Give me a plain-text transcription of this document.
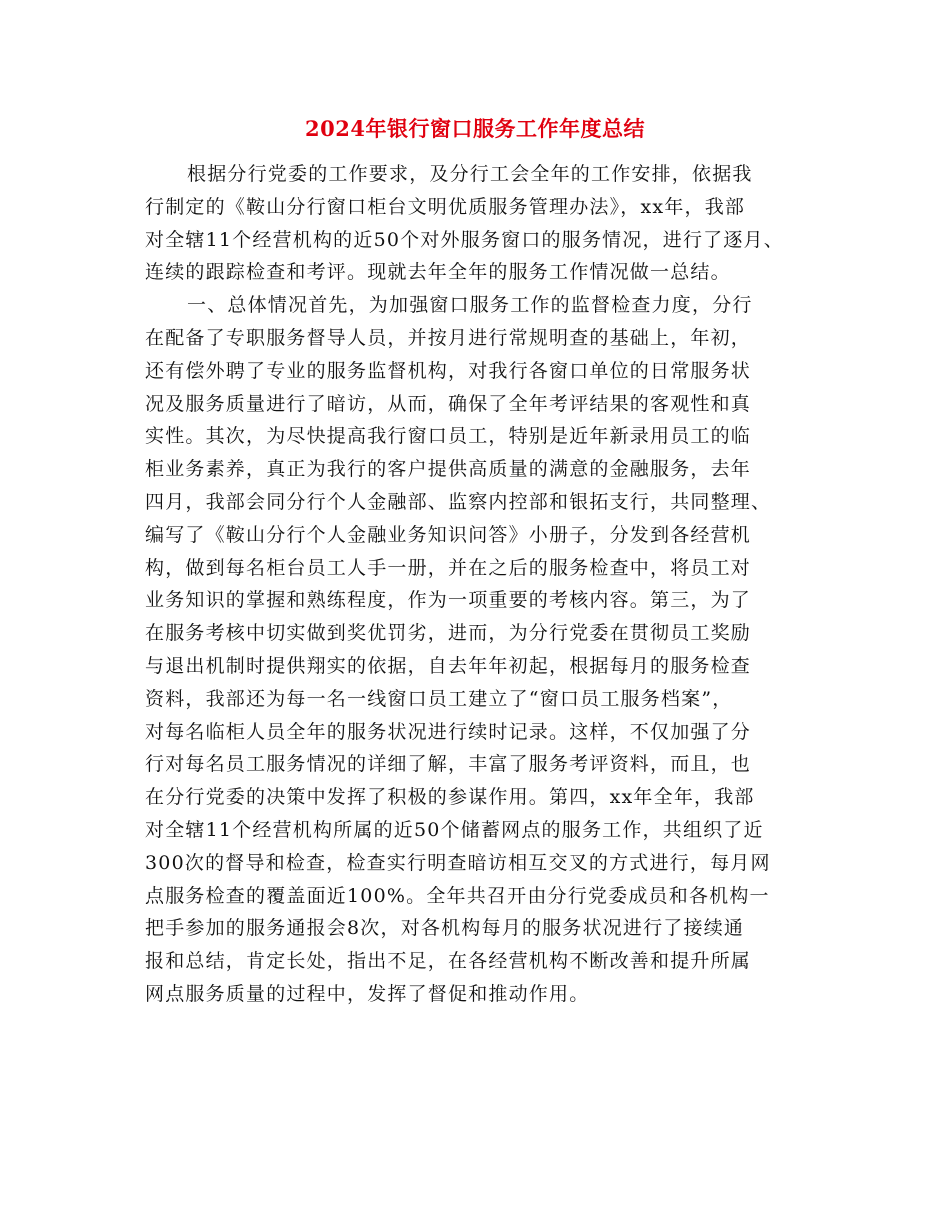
2024年银行窗口服务工作年度总结
根据分行党委的工作要求，及分行工会全年的工作安排，依据我
行制定的《鞍山分行窗口柜台文明优质服务管理办法》，xx年，我部
对全辖11个经营机构的近50个对外服务窗口的服务情况，进行了逐月、
连续的跟踪检查和考评。现就去年全年的服务工作情况做一总结。
一、总体情况首先，为加强窗口服务工作的监督检查力度，分行
在配备了专职服务督导人员，并按月进行常规明查的基础上，年初，
还有偿外聘了专业的服务监督机构，对我行各窗口单位的日常服务状
况及服务质量进行了暗访，从而，确保了全年考评结果的客观性和真
实性。其次，为尽快提高我行窗口员工，特别是近年新录用员工的临
柜业务素养，真正为我行的客户提供高质量的满意的金融服务，去年
四月，我部会同分行个人金融部、监察内控部和银拓支行，共同整理、
编写了《鞍山分行个人金融业务知识问答》小册子，分发到各经营机
构，做到每名柜台员工人手一册，并在之后的服务检查中，将员工对
业务知识的掌握和熟练程度，作为一项重要的考核内容。第三，为了
在服务考核中切实做到奖优罚劣，进而，为分行党委在贯彻员工奖励
与退出机制时提供翔实的依据，自去年年初起，根据每月的服务检查
资料，我部还为每一名一线窗口员工建立了“窗口员工服务档案”，
对每名临柜人员全年的服务状况进行续时记录。这样，不仅加强了分
行对每名员工服务情况的详细了解，丰富了服务考评资料，而且，也
在分行党委的决策中发挥了积极的参谋作用。第四，xx年全年，我部
对全辖11个经营机构所属的近50个储蓄网点的服务工作，共组织了近
300次的督导和检查，检查实行明查暗访相互交叉的方式进行，每月网
点服务检查的覆盖面近100%。全年共召开由分行党委成员和各机构一
把手参加的服务通报会8次，对各机构每月的服务状况进行了接续通
报和总结，肯定长处，指出不足，在各经营机构不断改善和提升所属
网点服务质量的过程中，发挥了督促和推动作用。
